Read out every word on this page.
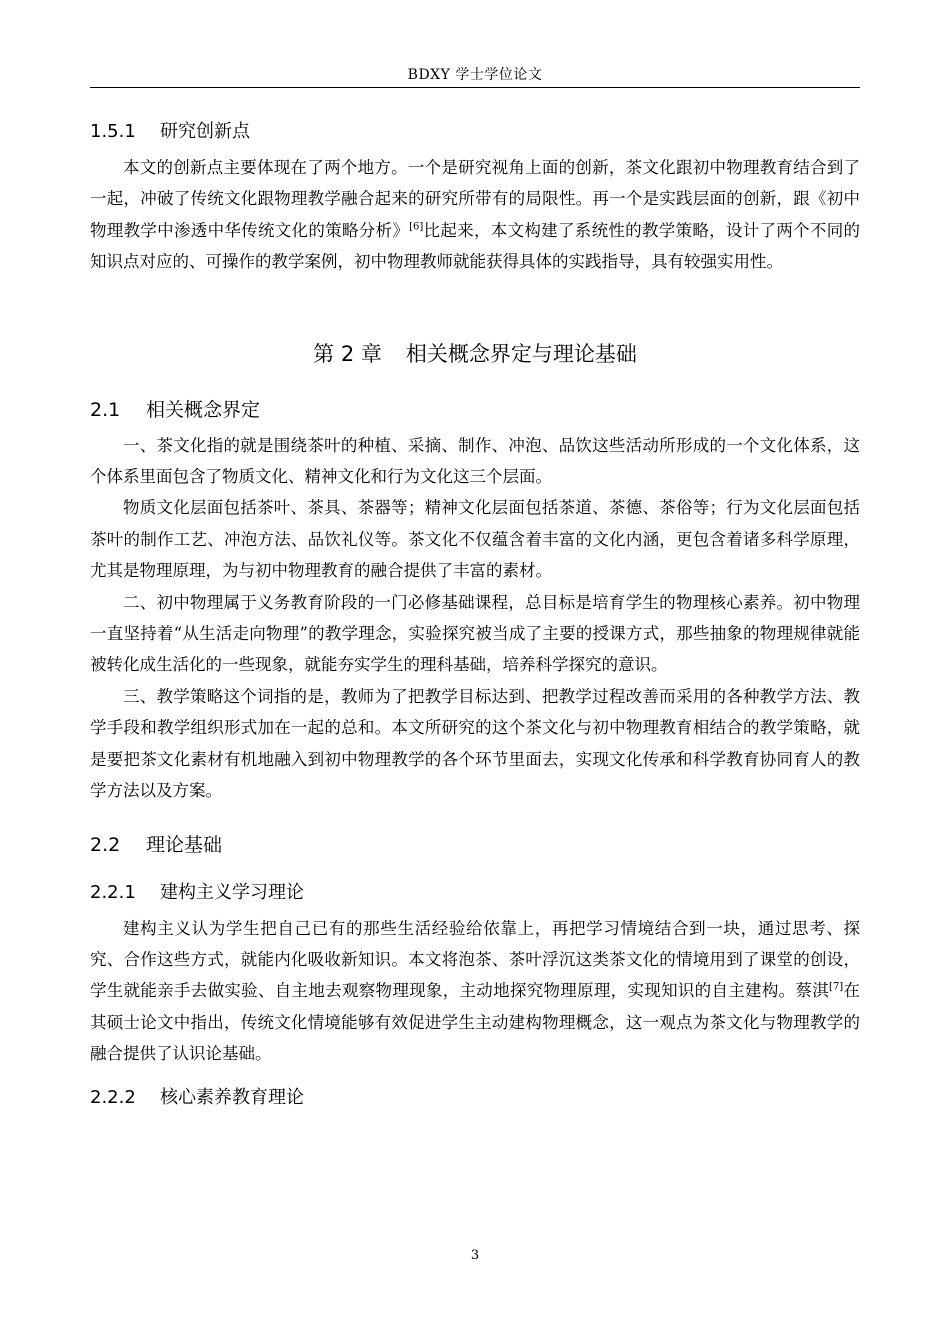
BDXY 学士学位论文
1.5.1 研究创新点

本文的创新点主要体现在了两个地方。一个是研究视角上面的创新，茶文化跟初中物理教育结合到了一起，冲破了传统文化跟物理教学融合起来的研究所带有的局限性。再一个是实践层面的创新，跟《初中物理教学中渗透中华传统文化的策略分析》[6]比起来，本文构建了系统性的教学策略，设计了两个不同的知识点对应的、可操作的教学案例，初中物理教师就能获得具体的实践指导，具有较强实用性。

第 2 章 相关概念界定与理论基础
2.1 相关概念界定

一、茶文化指的就是围绕茶叶的种植、采摘、制作、冲泡、品饮这些活动所形成的一个文化体系，这个体系里面包含了物质文化、精神文化和行为文化这三个层面。

物质文化层面包括茶叶、茶具、茶器等；精神文化层面包括茶道、茶德、茶俗等；行为文化层面包括茶叶的制作工艺、冲泡方法、品饮礼仪等。茶文化不仅蕴含着丰富的文化内涵，更包含着诸多科学原理，尤其是物理原理，为与初中物理教育的融合提供了丰富的素材。

二、初中物理属于义务教育阶段的一门必修基础课程，总目标是培育学生的物理核心素养。初中物理一直坚持着“从生活走向物理”的教学理念，实验探究被当成了主要的授课方式，那些抽象的物理规律就能被转化成生活化的一些现象，就能夯实学生的理科基础，培养科学探究的意识。

三、教学策略这个词指的是，教师为了把教学目标达到、把教学过程改善而采用的各种教学方法、教学手段和教学组织形式加在一起的总和。本文所研究的这个茶文化与初中物理教育相结合的教学策略，就是要把茶文化素材有机地融入到初中物理教学的各个环节里面去，实现文化传承和科学教育协同育人的教学方法以及方案。

2.2 理论基础
2.2.1 建构主义学习理论

建构主义认为学生把自己已有的那些生活经验给依靠上，再把学习情境结合到一块，通过思考、探究、合作这些方式，就能内化吸收新知识。本文将泡茶、茶叶浮沉这类茶文化的情境用到了课堂的创设，学生就能亲手去做实验、自主地去观察物理现象，主动地探究物理原理，实现知识的自主建构。蔡淇[7]在其硕士论文中指出，传统文化情境能够有效促进学生主动建构物理概念，这一观点为茶文化与物理教学的融合提供了认识论基础。

2.2.2 核心素养教育理论
3
